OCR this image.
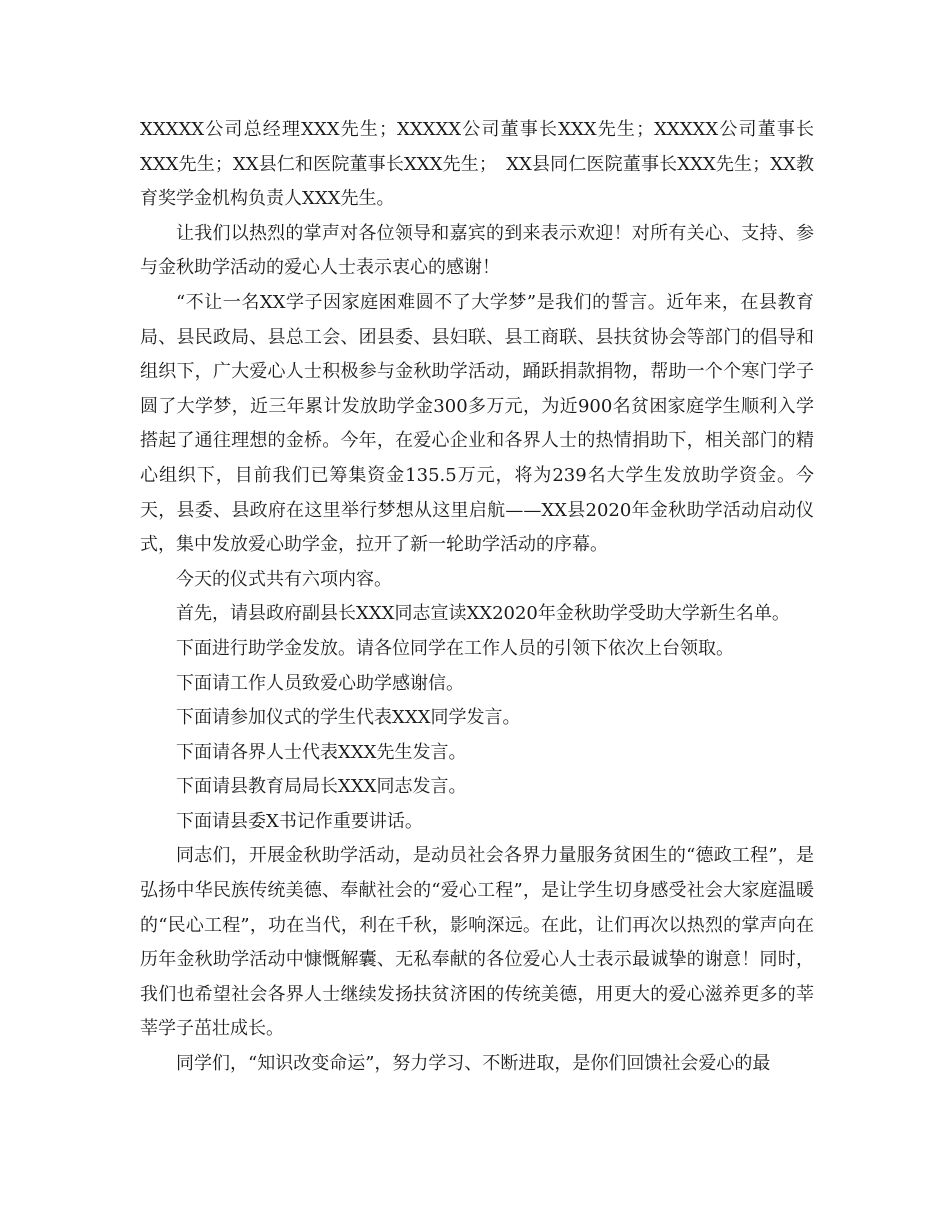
XXXXX公司总经理XXX先生；XXXXX公司董事长XXX先生；XXXXX公司董事长XXX先生；XX县仁和医院董事长XXX先生；　XX县同仁医院董事长XXX先生；XX教育奖学金机构负责人XXX先生。

让我们以热烈的掌声对各位领导和嘉宾的到来表示欢迎！对所有关心、支持、参与金秋助学活动的爱心人士表示衷心的感谢！

“不让一名XX学子因家庭困难圆不了大学梦”是我们的誓言。近年来，在县教育局、县民政局、县总工会、团县委、县妇联、县工商联、县扶贫协会等部门的倡导和组织下，广大爱心人士积极参与金秋助学活动，踊跃捐款捐物，帮助一个个寒门学子圆了大学梦，近三年累计发放助学金300多万元，为近900名贫困家庭学生顺利入学搭起了通往理想的金桥。今年，在爱心企业和各界人士的热情捐助下，相关部门的精心组织下，目前我们已筹集资金135.5万元，将为239名大学生发放助学资金。今天，县委、县政府在这里举行梦想从这里启航——XX县2020年金秋助学活动启动仪式，集中发放爱心助学金，拉开了新一轮助学活动的序幕。

今天的仪式共有六项内容。

首先，请县政府副县长XXX同志宣读XX2020年金秋助学受助大学新生名单。

下面进行助学金发放。请各位同学在工作人员的引领下依次上台领取。

下面请工作人员致爱心助学感谢信。

下面请参加仪式的学生代表XXX同学发言。

下面请各界人士代表XXX先生发言。

下面请县教育局局长XXX同志发言。

下面请县委X书记作重要讲话。

同志们，开展金秋助学活动，是动员社会各界力量服务贫困生的“德政工程”，是弘扬中华民族传统美德、奉献社会的“爱心工程”，是让学生切身感受社会大家庭温暖的“民心工程”，功在当代，利在千秋，影响深远。在此，让们再次以热烈的掌声向在历年金秋助学活动中慷慨解囊、无私奉献的各位爱心人士表示最诚挚的谢意！同时，我们也希望社会各界人士继续发扬扶贫济困的传统美德，用更大的爱心滋养更多的莘莘学子茁壮成长。

同学们，“知识改变命运”，努力学习、不断进取，是你们回馈社会爱心的最
